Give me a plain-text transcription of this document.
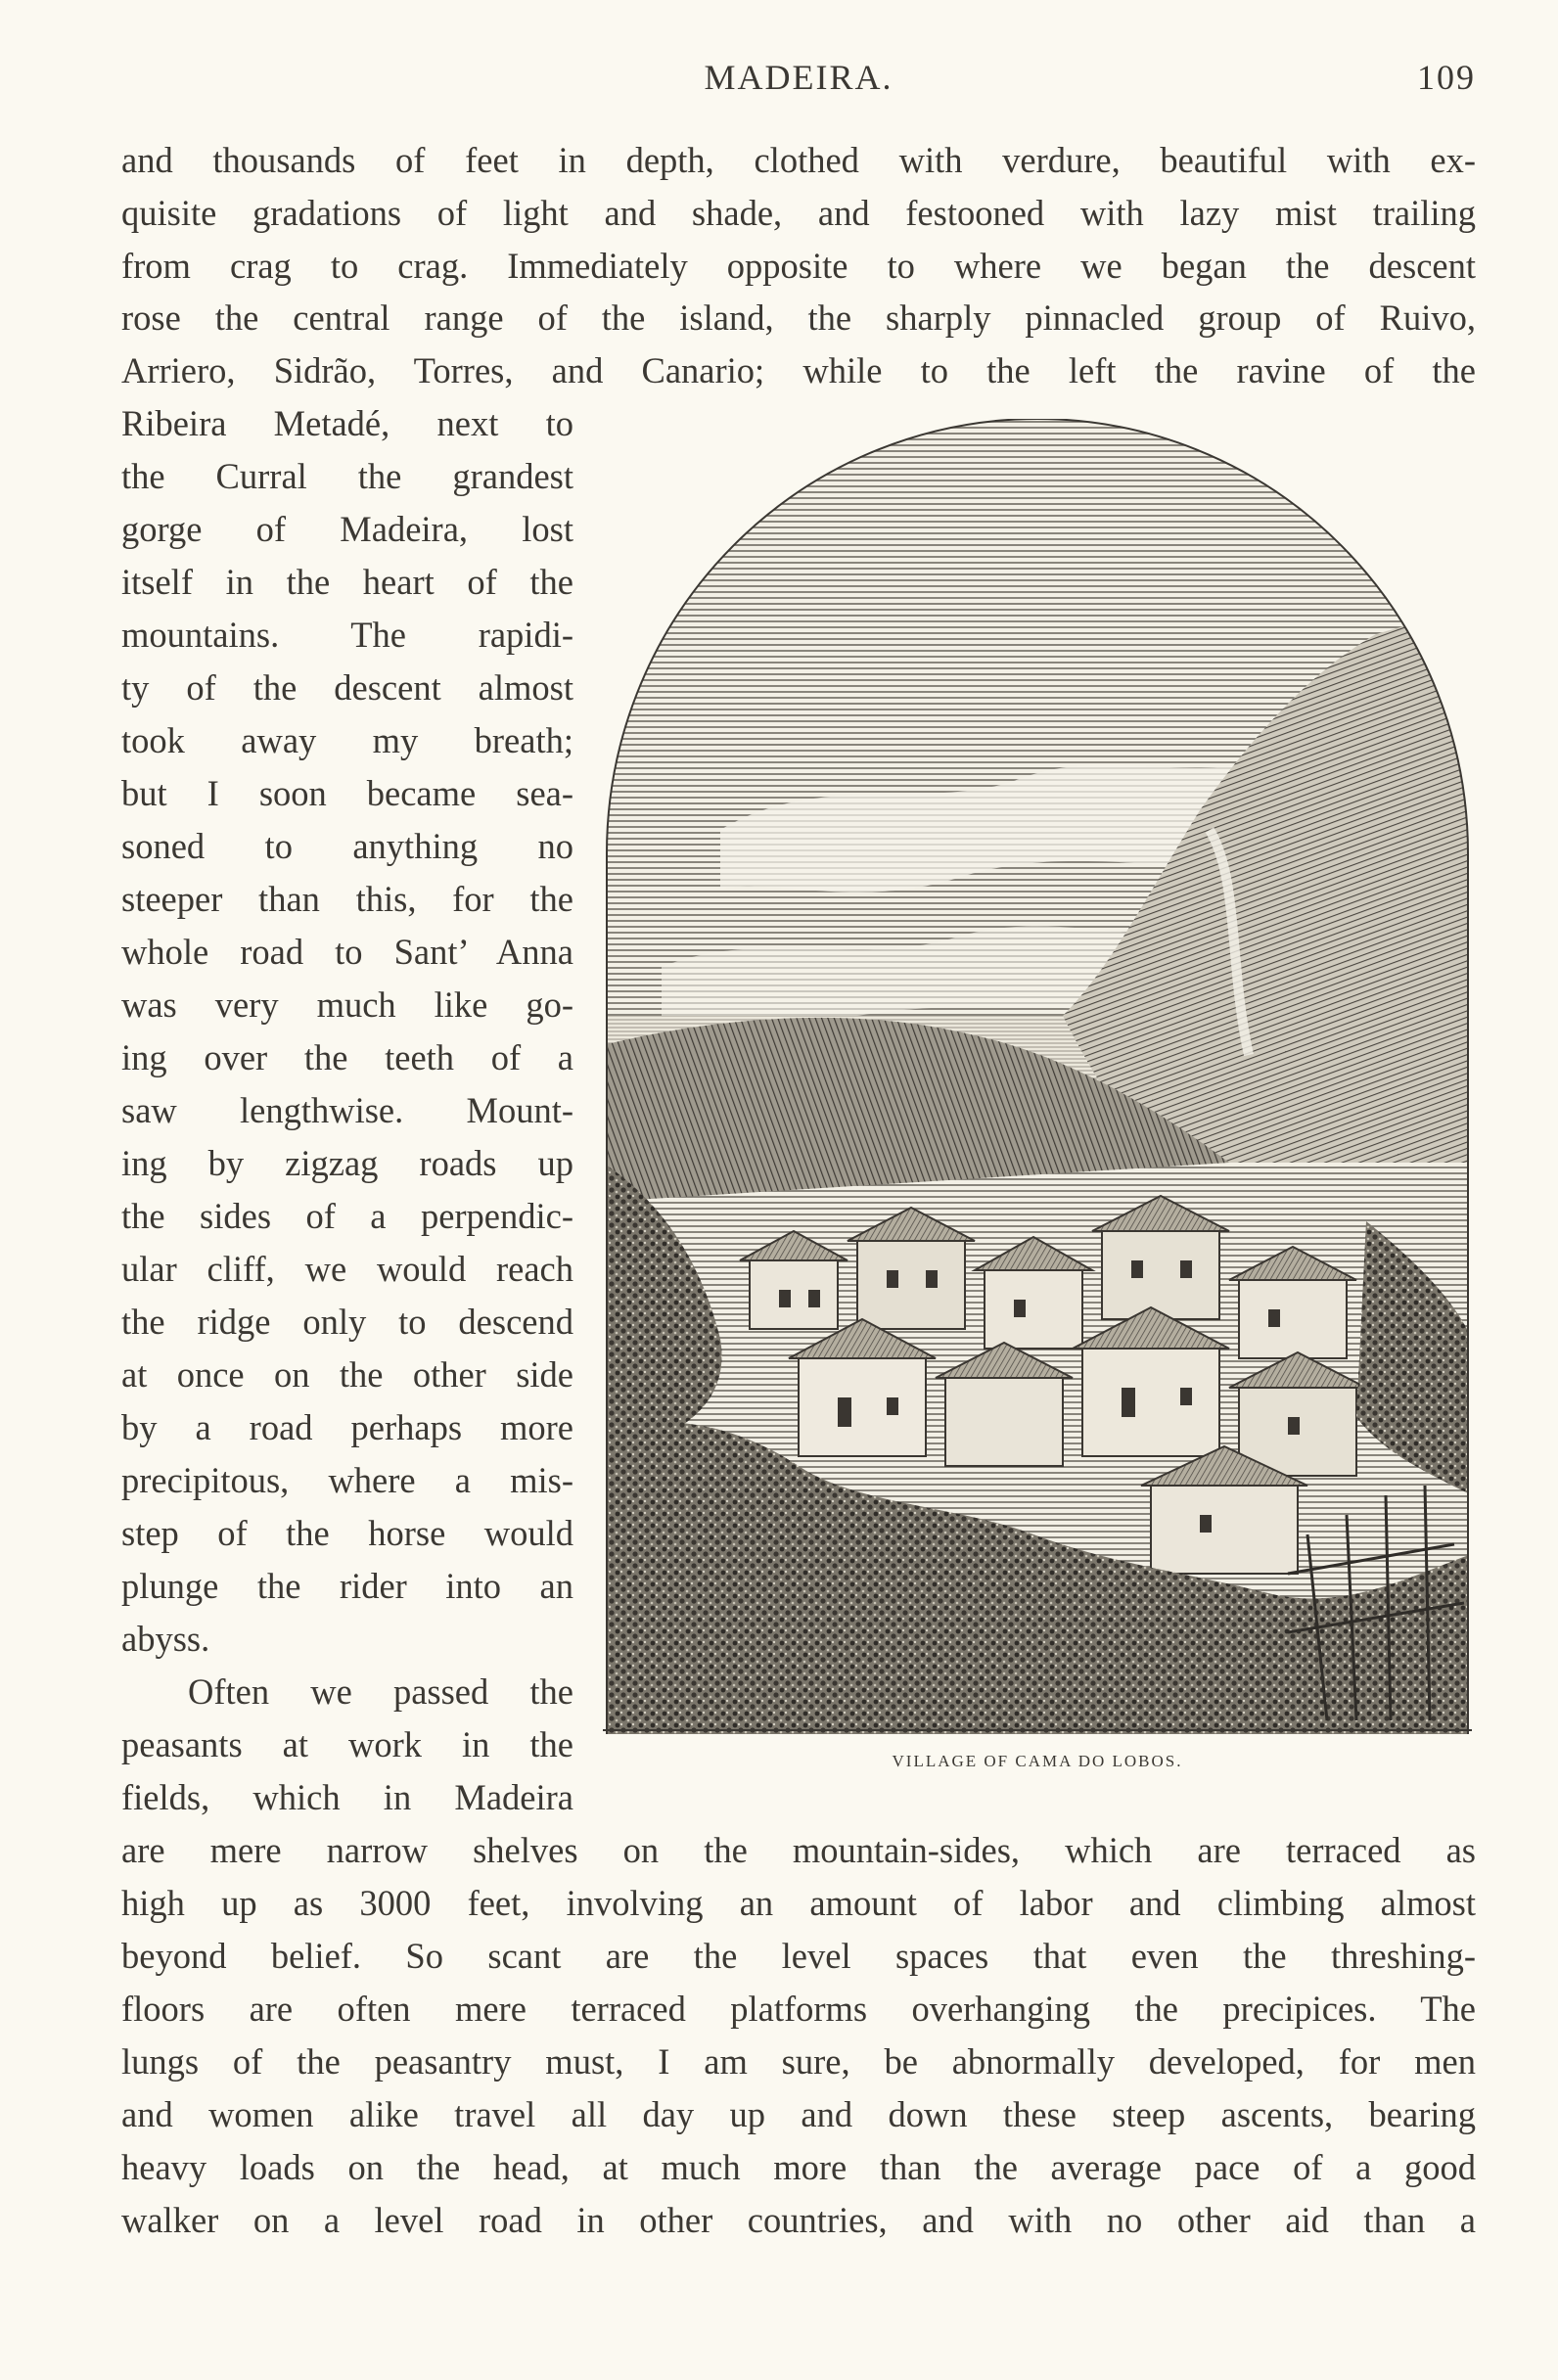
MADEIRA.	109
and thousands of feet in depth, clothed with verdure, beautiful with ex-
quisite gradations of light and shade, and festooned with lazy mist trailing
from crag to crag. Immediately opposite to where we began the descent
rose the central range of the island, the sharply pinnacled group of Ruivo,
Arriero, Sidrão, Torres, and Canario; while to the left the ravine of the
Ribeira Metadé, next to
the Curral the grandest
gorge of Madeira, lost
itself in the heart of the
mountains. The rapidi-
ty of the descent almost
took away my breath;
but I soon became sea-
soned to anything no
steeper than this, for the
whole road to Sant’ Anna
was very much like go-
ing over the teeth of a
saw lengthwise. Mount-
ing by zigzag roads up
the sides of a perpendic-
ular cliff, we would reach
the ridge only to descend
at once on the other side
by a road perhaps more
precipitous, where a mis-
step of the horse would
plunge the rider into an
abyss.
Often we passed the
peasants at work in the
fields, which in Madeira
are mere narrow shelves on the mountain-sides, which are terraced as
high up as 3000 feet, involving an amount of labor and climbing almost
beyond belief. So scant are the level spaces that even the threshing-
floors are often mere terraced platforms overhanging the precipices. The
lungs of the peasantry must, I am sure, be abnormally developed, for men
and women alike travel all day up and down these steep ascents, bearing
heavy loads on the head, at much more than the average pace of a good
walker on a level road in other countries, and with no other aid than a
VILLAGE OF CAMA DO LOBOS.
